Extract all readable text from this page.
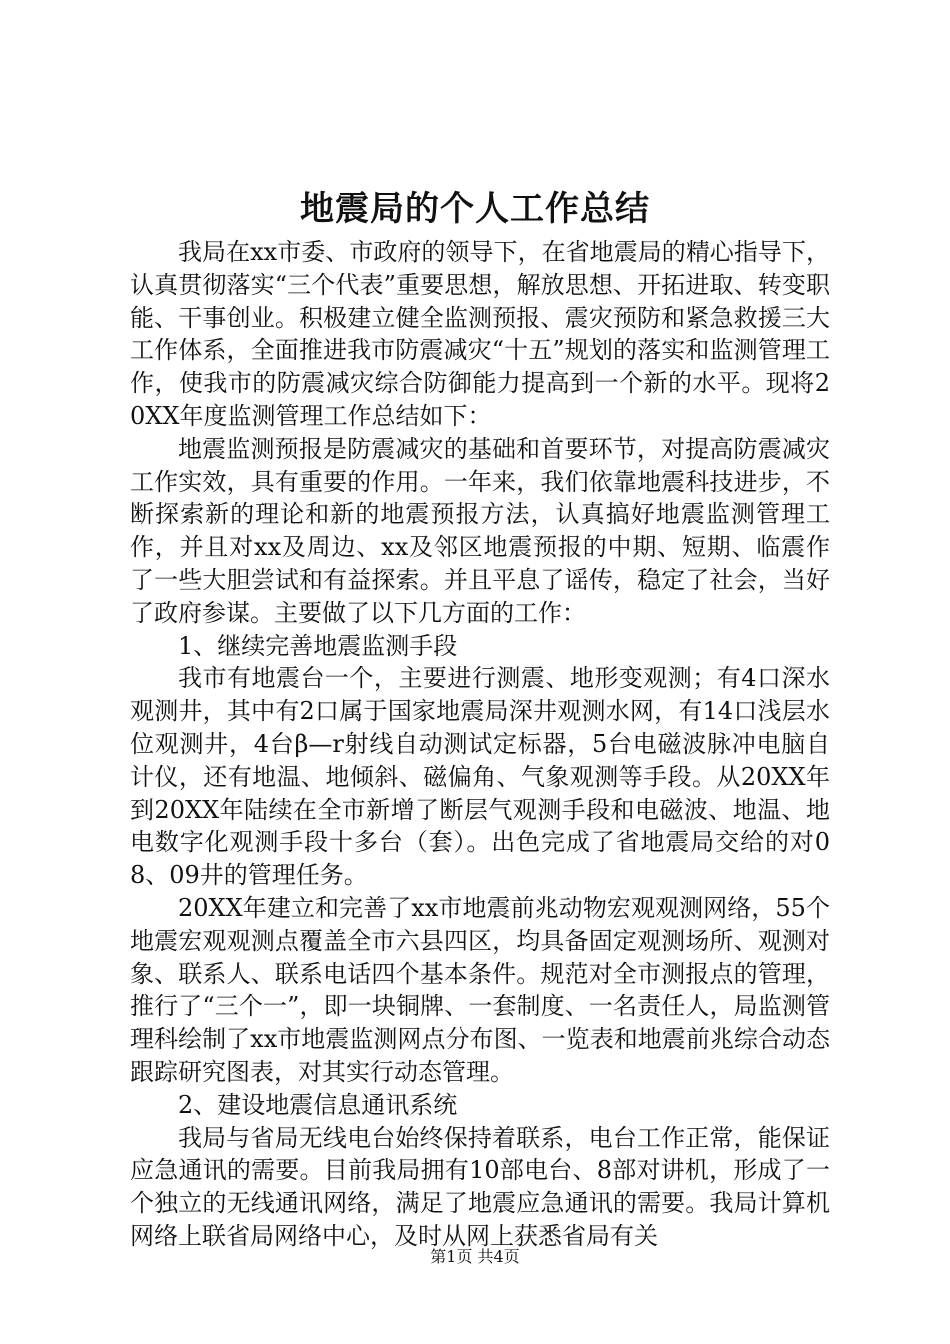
地震局的个人工作总结

我局在xx市委、市政府的领导下，在省地震局的精心指导下，认真贯彻落实“三个代表”重要思想，解放思想、开拓进取、转变职能、干事创业。积极建立健全监测预报、震灾预防和紧急救援三大工作体系，全面推进我市防震减灾“十五”规划的落实和监测管理工作，使我市的防震减灾综合防御能力提高到一个新的水平。现将20XX年度监测管理工作总结如下：

地震监测预报是防震减灾的基础和首要环节，对提高防震减灾工作实效，具有重要的作用。一年来，我们依靠地震科技进步，不断探索新的理论和新的地震预报方法，认真搞好地震监测管理工作，并且对xx及周边、xx及邻区地震预报的中期、短期、临震作了一些大胆尝试和有益探索。并且平息了谣传，稳定了社会，当好了政府参谋。主要做了以下几方面的工作：

1、继续完善地震监测手段

我市有地震台一个，主要进行测震、地形变观测；有4口深水观测井，其中有2口属于国家地震局深井观测水网，有14口浅层水位观测井，4台β—r射线自动测试定标器，5台电磁波脉冲电脑自计仪，还有地温、地倾斜、磁偏角、气象观测等手段。从20XX年到20XX年陆续在全市新增了断层气观测手段和电磁波、地温、地电数字化观测手段十多台（套）。出色完成了省地震局交给的对08、09井的管理任务。

20XX年建立和完善了xx市地震前兆动物宏观观测网络，55个地震宏观观测点覆盖全市六县四区，均具备固定观测场所、观测对象、联系人、联系电话四个基本条件。规范对全市测报点的管理，推行了“三个一”，即一块铜牌、一套制度、一名责任人，局监测管理科绘制了xx市地震监测网点分布图、一览表和地震前兆综合动态跟踪研究图表，对其实行动态管理。

2、建设地震信息通讯系统

我局与省局无线电台始终保持着联系，电台工作正常，能保证应急通讯的需要。目前我局拥有10部电台、8部对讲机，形成了一个独立的无线通讯网络，满足了地震应急通讯的需要。我局计算机网络上联省局网络中心，及时从网上获悉省局有关

第1页 共4页
